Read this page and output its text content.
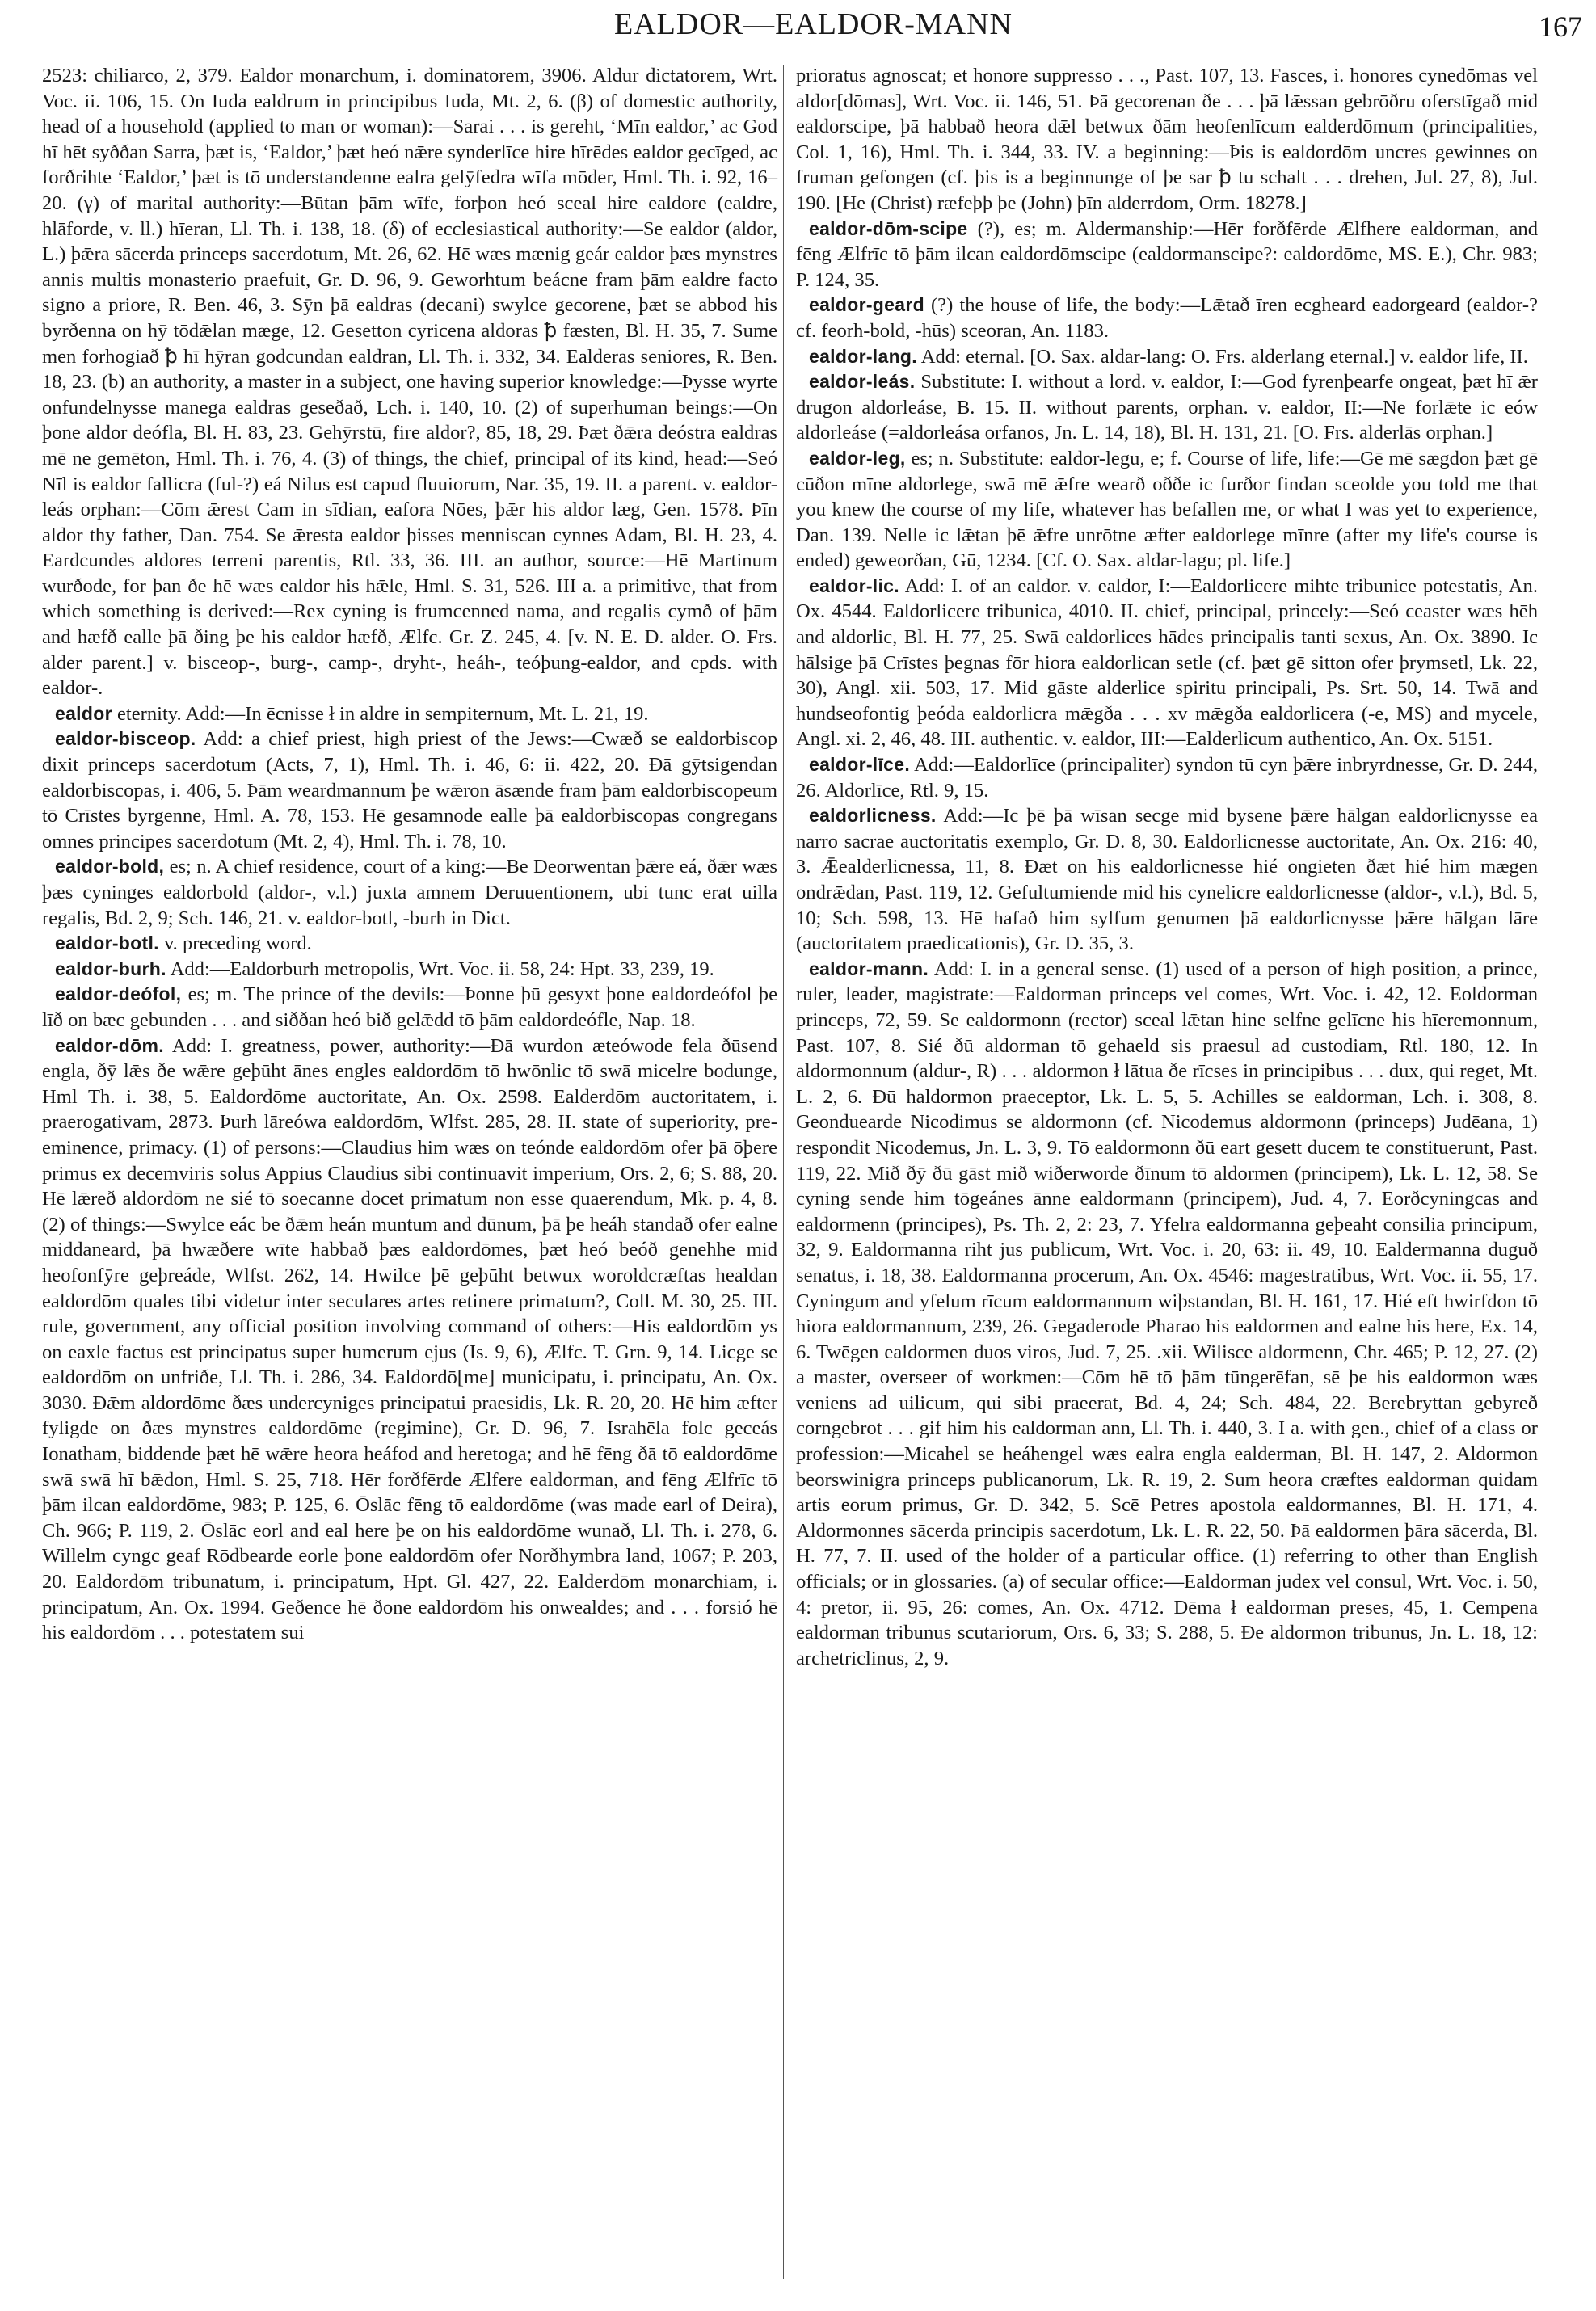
EALDOR—EALDOR-MANN	167

2523: chiliarco, 2, 379. Ealdor monarchum, i. dominatorem, 3906. Aldur dictatorem, Wrt. Voc. ii. 106, 15. On Iuda ealdrum in principibus Iuda, Mt. 2, 6. (β) of domestic authority, head of a household (applied to man or woman):—Sarai . . . is gereht, ‘Mīn ealdor,’ ac God hī hēt syððan Sarra, þæt is, ‘Ealdor,’ þæt heó nǣre synderlīce hire hīrēdes ealdor gecīged, ac forðrihte ‘Ealdor,’ þæt is tō understandenne ealra gelȳfedra wīfa mōder, Hml. Th. i. 92, 16–20. (γ) of marital authority:—Būtan þām wīfe, forþon heó sceal hire ealdore (ealdre, hlāforde, v. ll.) hīeran, Ll. Th. i. 138, 18. (δ) of ecclesiastical authority:—Se ealdor (aldor, L.) þǣra sācerda princeps sacerdotum, Mt. 26, 62. Hē wæs mænig geár ealdor þæs mynstres annis multis monasterio praefuit, Gr. D. 96, 9. Geworhtum beácne fram þām ealdre facto signo a priore, R. Ben. 46, 3. Sȳn þā ealdras (decani) swylce gecorene, þæt se abbod his byrðenna on hȳ tōdǣlan mæge, 12. Gesetton cyricena aldoras ꝥ fæsten, Bl. H. 35, 7. Sume men forhogiað ꝥ hī hȳran godcundan ealdran, Ll. Th. i. 332, 34. Ealderas seniores, R. Ben. 18, 23. (b) an authority, a master in a subject, one having superior knowledge:—Þysse wyrte onfundelnysse manega ealdras geseðað, Lch. i. 140, 10. (2) of superhuman beings:—On þone aldor deófla, Bl. H. 83, 23. Gehȳrstū, fire aldor?, 85, 18, 29. Þæt ðǣra deóstra ealdras mē ne gemēton, Hml. Th. i. 76, 4. (3) of things, the chief, principal of its kind, head:—Seó Nīl is ealdor fallicra (ful-?) eá Nilus est capud fluuiorum, Nar. 35, 19. II. a parent. v. ealdor-leás orphan:—Cōm ǣrest Cam in sīdian, eafora Nōes, þǣr his aldor læg, Gen. 1578. Þīn aldor thy father, Dan. 754. Se ǣresta ealdor þisses menniscan cynnes Adam, Bl. H. 23, 4. Eardcundes aldores terreni parentis, Rtl. 33, 36. III. an author, source:—Hē Martinum wurðode, for þan ðe hē wæs ealdor his hǣle, Hml. S. 31, 526. III a. a primitive, that from which something is derived:—Rex cyning is frumcenned nama, and regalis cymð of þām and hæfð ealle þā ðing þe his ealdor hæfð, Ælfc. Gr. Z. 245, 4. [v. N. E. D. alder. O. Frs. alder parent.] v. bisceop-, burg-, camp-, dryht-, heáh-, teóþung-ealdor, and cpds. with ealdor-.

ealdor eternity. Add:—In ēcnisse ł in aldre in sempiternum, Mt. L. 21, 19.

ealdor-bisceop. Add: a chief priest, high priest of the Jews:—Cwæð se ealdorbiscop dixit princeps sacerdotum (Acts, 7, 1), Hml. Th. i. 46, 6: ii. 422, 20. Ðā gȳtsigendan ealdorbiscopas, i. 406, 5. Þām weardmannum þe wǣron āsænde fram þām ealdorbiscopeum tō Crīstes byrgenne, Hml. A. 78, 153. Hē gesamnode ealle þā ealdorbiscopas congregans omnes principes sacerdotum (Mt. 2, 4), Hml. Th. i. 78, 10.

ealdor-bold, es; n. A chief residence, court of a king:—Be Deorwentan þǣre eá, ðǣr wæs þæs cyninges ealdorbold (aldor-, v.l.) juxta amnem Deruuentionem, ubi tunc erat uilla regalis, Bd. 2, 9; Sch. 146, 21. v. ealdor-botl, -burh in Dict.

ealdor-botl. v. preceding word.

ealdor-burh. Add:—Ealdorburh metropolis, Wrt. Voc. ii. 58, 24: Hpt. 33, 239, 19.

ealdor-deófol, es; m. The prince of the devils:—Þonne þū gesyxt þone ealdordeófol þe līð on bæc gebunden . . . and siððan heó bið gelǣdd tō þām ealdordeófle, Nap. 18.

ealdor-dōm. Add: I. greatness, power, authority:—Ðā wurdon æteówode fela ðūsend engla, ðȳ lǣs ðe wǣre geþūht ānes engles ealdordōm tō hwōnlic tō swā micelre bodunge, Hml Th. i. 38, 5. Ealdordōme auctoritate, An. Ox. 2598. Ealderdōm auctoritatem, i. praerogativam, 2873. Þurh lāreówa ealdordōm, Wlfst. 285, 28. II. state of superiority, pre-eminence, primacy. (1) of persons:—Claudius him wæs on teónde ealdordōm ofer þā ōþere primus ex decemviris solus Appius Claudius sibi continuavit imperium, Ors. 2, 6; S. 88, 20. Hē lǣreð aldordōm ne sié tō soecanne docet primatum non esse quaerendum, Mk. p. 4, 8. (2) of things:—Swylce eác be ðǣm heán muntum and dūnum, þā þe heáh standað ofer ealne middaneard, þā hwæðere wīte habbað þæs ealdordōmes, þæt heó beóð genehhe mid heofonfȳre geþreáde, Wlfst. 262, 14. Hwilce þē geþūht betwux woroldcræftas healdan ealdordōm quales tibi videtur inter seculares artes retinere primatum?, Coll. M. 30, 25. III. rule, government, any official position involving command of others:—His ealdordōm ys on eaxle factus est principatus super humerum ejus (Is. 9, 6), Ælfc. T. Grn. 9, 14. Licge se ealdordōm on unfriðe, Ll. Th. i. 286, 34. Ealdordō[me] municipatu, i. principatu, An. Ox. 3030. Ðǣm aldordōme ðæs undercyniges principatui praesidis, Lk. R. 20, 20. Hē him æfter fyligde on ðæs mynstres ealdordōme (regimine), Gr. D. 96, 7. Israhēla folc geceás Ionatham, biddende þæt hē wǣre heora heáfod and heretoga; and hē fēng ðā tō ealdordōme swā swā hī bǣdon, Hml. S. 25, 718. Hēr forðfērde Ælfere ealdorman, and fēng Ælfrīc tō þām ilcan ealdordōme, 983; P. 125, 6. Ōslāc fēng tō ealdordōme (was made earl of Deira), Ch. 966; P. 119, 2. Ōslāc eorl and eal here þe on his ealdordōme wunað, Ll. Th. i. 278, 6. Willelm cyngc geaf Rōdbearde eorle þone ealdordōm ofer Norðhymbra land, 1067; P. 203, 20. Ealdordōm tribunatum, i. principatum, Hpt. Gl. 427, 22. Ealderdōm monarchiam, i. principatum, An. Ox. 1994. Geðence hē ðone ealdordōm his onwealdes; and . . . forsió hē his ealdordōm . . . potestatem sui

prioratus agnoscat; et honore suppresso . . ., Past. 107, 13. Fasces, i. honores cynedōmas vel aldor[dōmas], Wrt. Voc. ii. 146, 51. Þā gecorenan ðe . . . þā lǣssan gebrōðru oferstīgað mid ealdorscipe, þā habbað heora dǣl betwux ðām heofenlīcum ealderdōmum (principalities, Col. 1, 16), Hml. Th. i. 344, 33. IV. a beginning:—Þis is ealdordōm uncres gewinnes on fruman gefongen (cf. þis is a beginnunge of þe sar ꝥ tu schalt . . . drehen, Jul. 27, 8), Jul. 190. [He (Christ) ræfeþþ þe (John) þīn alderrdom, Orm. 18278.]

ealdor-dōm-scipe (?), es; m. Aldermanship:—Hēr forðfērde Ælfhere ealdorman, and fēng Ælfrīc tō þām ilcan ealdordōmscipe (ealdormanscipe?: ealdordōme, MS. E.), Chr. 983; P. 124, 35.

ealdor-geard (?) the house of life, the body:—Lǣtað īren ecgheard eadorgeard (ealdor-? cf. feorh-bold, -hūs) sceoran, An. 1183.

ealdor-lang. Add: eternal. [O. Sax. aldar-lang: O. Frs. alderlang eternal.] v. ealdor life, II.

ealdor-leás. Substitute: I. without a lord. v. ealdor, I:—God fyrenþearfe ongeat, þæt hī ǣr drugon aldorleáse, B. 15. II. without parents, orphan. v. ealdor, II:—Ne forlǣte ic eów aldorleáse (=aldorleása orfanos, Jn. L. 14, 18), Bl. H. 131, 21. [O. Frs. alderlās orphan.]

ealdor-leg, es; n. Substitute: ealdor-legu, e; f. Course of life, life:—Gē mē sægdon þæt gē cūðon mīne aldorlege, swā mē ǣfre wearð oððe ic furðor findan sceolde you told me that you knew the course of my life, whatever has befallen me, or what I was yet to experience, Dan. 139. Nelle ic lǣtan þē ǣfre unrōtne æfter ealdorlege mīnre (after my life's course is ended) geweorðan, Gū, 1234. [Cf. O. Sax. aldar-lagu; pl. life.]

ealdor-lic. Add: I. of an ealdor. v. ealdor, I:—Ealdorlicere mihte tribunice potestatis, An. Ox. 4544. Ealdorlicere tribunica, 4010. II. chief, principal, princely:—Seó ceaster wæs hēh and aldorlic, Bl. H. 77, 25. Swā ealdorlices hādes principalis tanti sexus, An. Ox. 3890. Ic hālsige þā Crīstes þegnas fōr hiora ealdorlican setle (cf. þæt gē sitton ofer þrymsetl, Lk. 22, 30), Angl. xii. 503, 17. Mid gāste alderlice spiritu principali, Ps. Srt. 50, 14. Twā and hundseofontig þeóda ealdorlicra mǣgða . . . xv mǣgða ealdorlicera (-e, MS) and mycele, Angl. xi. 2, 46, 48. III. authentic. v. ealdor, III:—Ealderlicum authentico, An. Ox. 5151.

ealdor-līce. Add:—Ealdorlīce (principaliter) syndon tū cyn þǣre inbryrdnesse, Gr. D. 244, 26. Aldorlīce, Rtl. 9, 15.

ealdorlicness. Add:—Ic þē þā wīsan secge mid bysene þǣre hālgan ealdorlicnysse ea narro sacrae auctoritatis exemplo, Gr. D. 8, 30. Ealdorlicnesse auctoritate, An. Ox. 216: 40, 3. Ǣealderlicnessa, 11, 8. Ðæt on his ealdorlicnesse hié ongieten ðæt hié him mægen ondrǣdan, Past. 119, 12. Gefultumiende mid his cynelicre ealdorlicnesse (aldor-, v.l.), Bd. 5, 10; Sch. 598, 13. Hē hafað him sylfum genumen þā ealdorlicnysse þǣre hālgan lāre (auctoritatem praedicationis), Gr. D. 35, 3.

ealdor-mann. Add: I. in a general sense. (1) used of a person of high position, a prince, ruler, leader, magistrate:—Ealdorman princeps vel comes, Wrt. Voc. i. 42, 12. Eoldorman princeps, 72, 59. Se ealdormonn (rector) sceal lǣtan hine selfne gelīcne his hīeremonnum, Past. 107, 8. Sié ðū aldorman tō gehaeld sis praesul ad custodiam, Rtl. 180, 12. In aldormonnum (aldur-, R) . . . aldormon ł lātua ðe rīcses in principibus . . . dux, qui reget, Mt. L. 2, 6. Ðū haldormon praeceptor, Lk. L. 5, 5. Achilles se ealdorman, Lch. i. 308, 8. Geonduearde Nicodimus se aldormonn (cf. Nicodemus aldormonn (princeps) Judēana, 1) respondit Nicodemus, Jn. L. 3, 9. Tō ealdormonn ðū eart gesett ducem te constituerunt, Past. 119, 22. Mið ðȳ ðū gāst mið wiðerworde ðīnum tō aldormen (principem), Lk. L. 12, 58. Se cyning sende him tōgeánes ānne ealdormann (principem), Jud. 4, 7. Eorðcyningcas and ealdormenn (principes), Ps. Th. 2, 2: 23, 7. Yfelra ealdormanna geþeaht consilia principum, 32, 9. Ealdormanna riht jus publicum, Wrt. Voc. i. 20, 63: ii. 49, 10. Ealdermanna duguð senatus, i. 18, 38. Ealdormanna procerum, An. Ox. 4546: magestratibus, Wrt. Voc. ii. 55, 17. Cyningum and yfelum rīcum ealdormannum wiþstandan, Bl. H. 161, 17. Hié eft hwirfdon tō hiora ealdormannum, 239, 26. Gegaderode Pharao his ealdormen and ealne his here, Ex. 14, 6. Twēgen ealdormen duos viros, Jud. 7, 25. .xii. Wilisce aldormenn, Chr. 465; P. 12, 27. (2) a master, overseer of workmen:—Cōm hē tō þām tūngerēfan, sē þe his ealdormon wæs veniens ad uilicum, qui sibi praeerat, Bd. 4, 24; Sch. 484, 22. Berebryttan gebyreð corngebrot . . . gif him his ealdorman ann, Ll. Th. i. 440, 3. I a. with gen., chief of a class or profession:—Micahel se heáhengel wæs ealra engla ealderman, Bl. H. 147, 2. Aldormon beorswinigra princeps publicanorum, Lk. R. 19, 2. Sum heora cræftes ealdorman quidam artis eorum primus, Gr. D. 342, 5. Scē Petres apostola ealdormannes, Bl. H. 171, 4. Aldormonnes sācerda principis sacerdotum, Lk. L. R. 22, 50. Þā ealdormen þāra sācerda, Bl. H. 77, 7. II. used of the holder of a particular office. (1) referring to other than English officials; or in glossaries. (a) of secular office:—Ealdorman judex vel consul, Wrt. Voc. i. 50, 4: pretor, ii. 95, 26: comes, An. Ox. 4712. Dēma ł ealdorman preses, 45, 1. Cempena ealdorman tribunus scutariorum, Ors. 6, 33; S. 288, 5. Ðe aldormon tribunus, Jn. L. 18, 12: archetriclinus, 2, 9.
